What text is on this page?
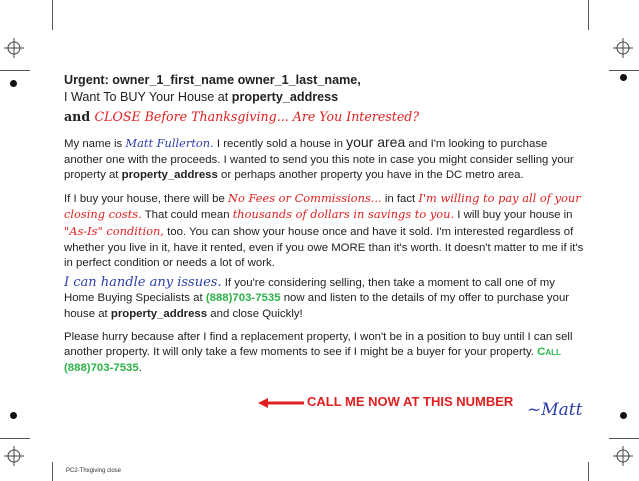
Urgent: owner_1_first_name owner_1_last_name,

I Want To BUY Your House at property_address

and CLOSE Before Thanksgiving... Are You Interested?

My name is Matt Fullerton. I recently sold a house in your area and I'm looking to purchase another one with the proceeds. I wanted to send you this note in case you might consider selling your property at property_address or perhaps another property you have in the DC metro area.

If I buy your house, there will be No Fees or Commissions... in fact I'm willing to pay all of your closing costs. That could mean thousands of dollars in savings to you. I will buy your house in "As-Is" condition, too. You can show your house once and have it sold. I'm interested regardless of whether you live in it, have it rented, even if you owe MORE than it's worth. It doesn't matter to me if it's in perfect condition or needs a lot of work.

I can handle any issues. If you're considering selling, then take a moment to call one of my Home Buying Specialists at (888)703-7535 now and listen to the details of my offer to purchase your house at property_address and close Quickly!

Please hurry because after I find a replacement property, I won't be in a position to buy until I can sell another property. It will only take a few moments to see if I might be a buyer for your property. Call (888)703-7535.

CALL ME NOW AT THIS NUMBER ~Matt
PC2-Thxgiving close
